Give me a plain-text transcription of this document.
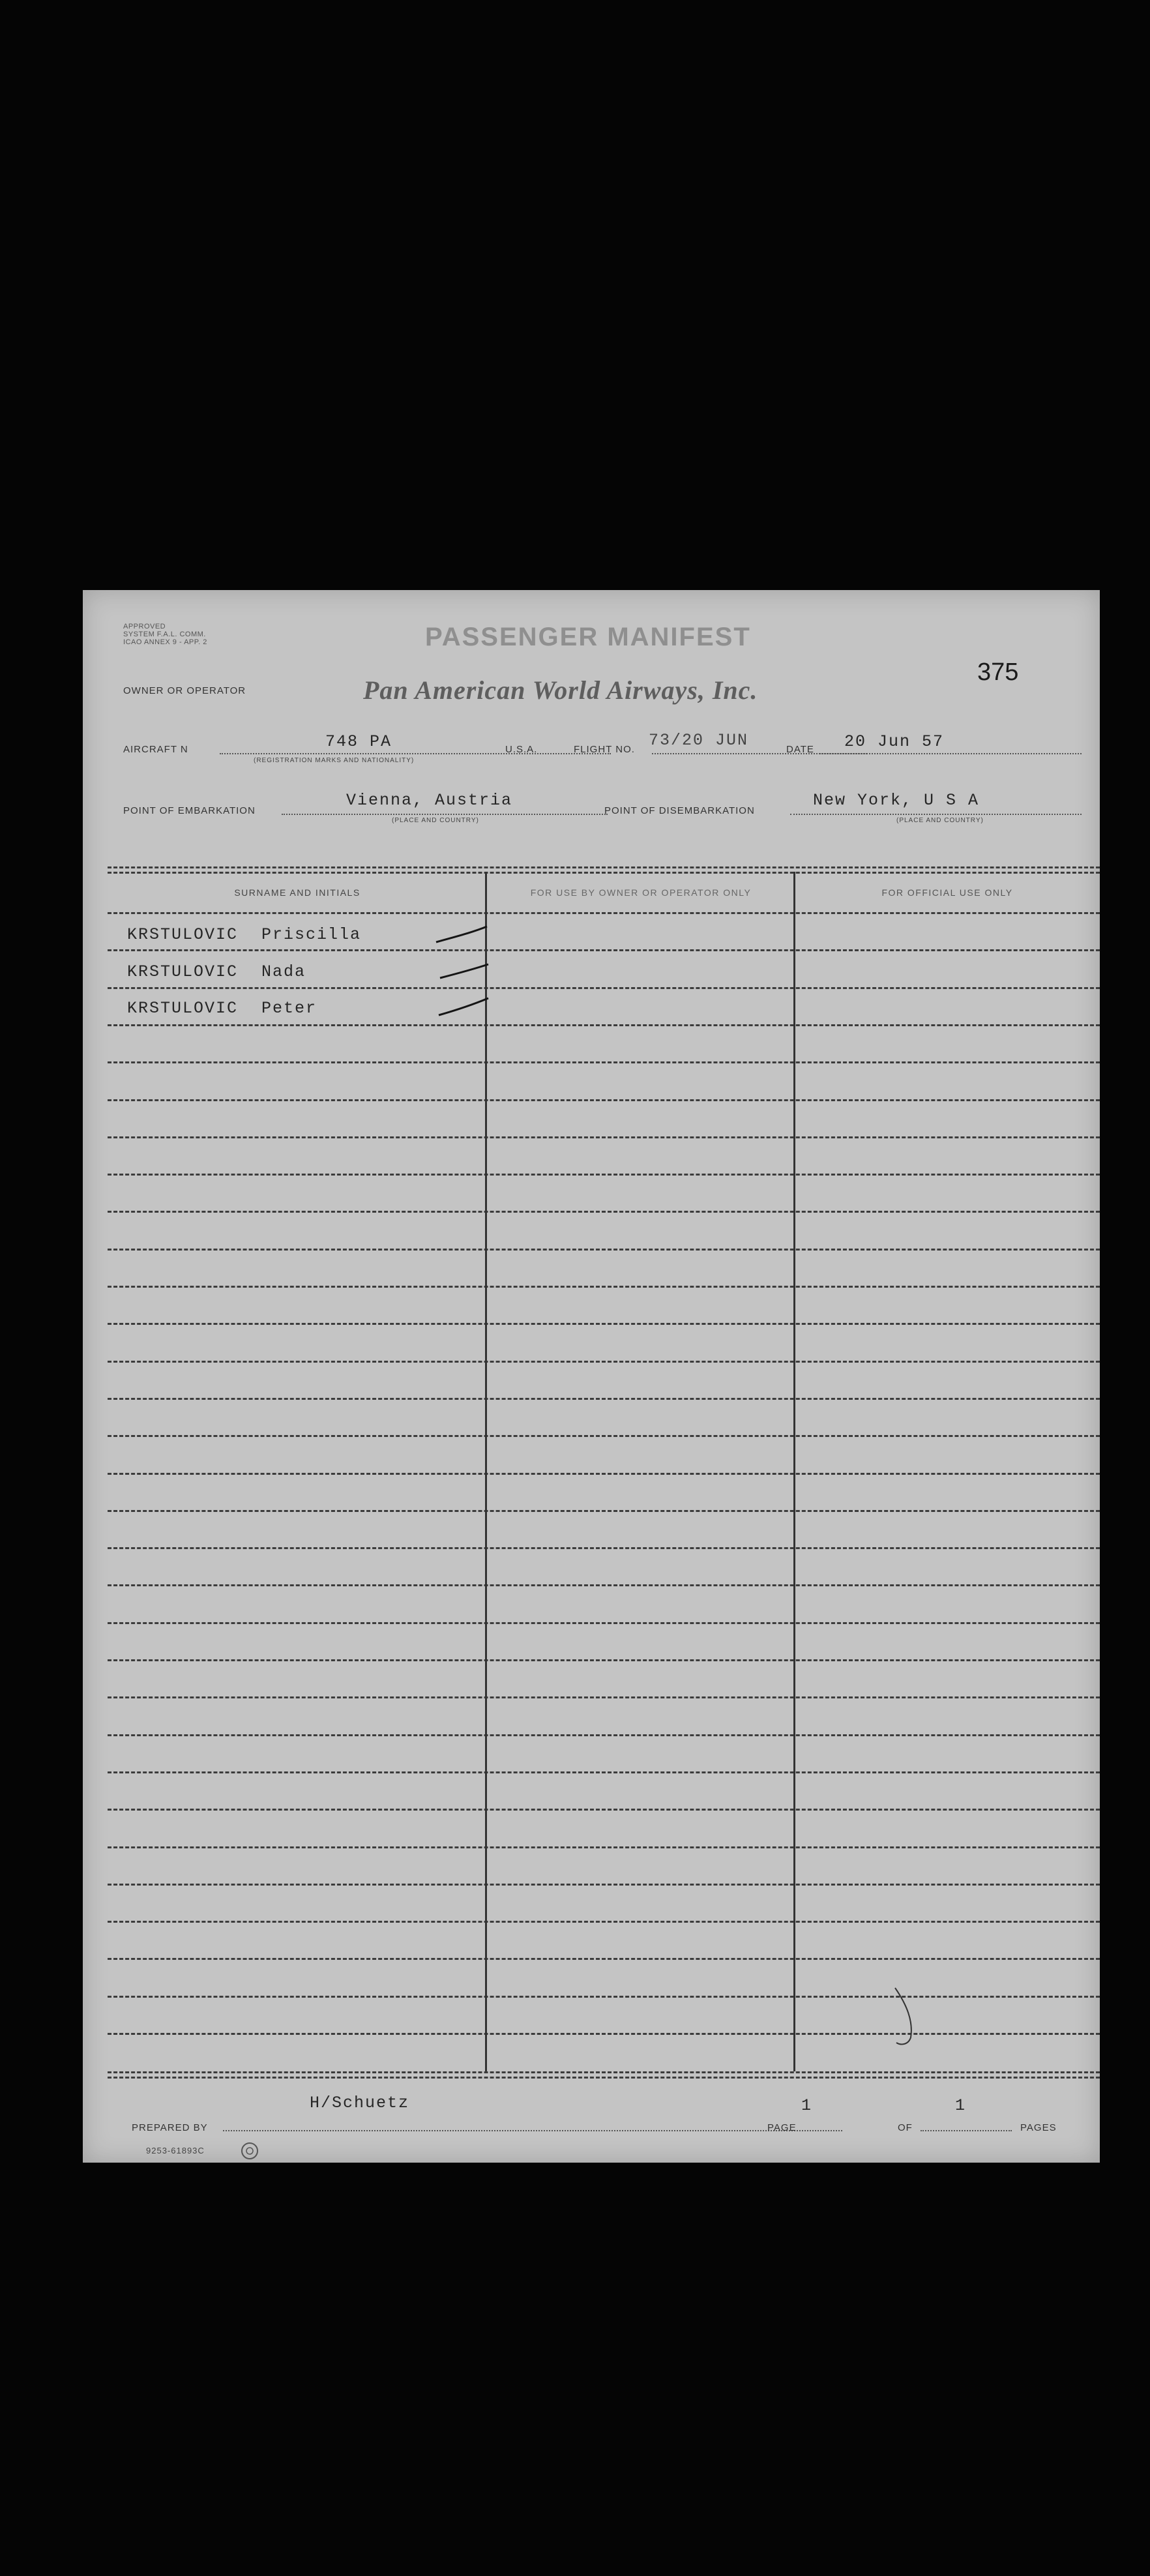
APPROVED
SYSTEM F.A.L. COMM.
ICAO ANNEX 9 - APP. 2	PASSENGER MANIFEST
375
OWNER OR OPERATOR	Pan American World Airways, Inc.
AIRCRAFT N	748 PA
(REGISTRATION MARKS AND NATIONALITY)
U.S.A.	FLIGHT NO. 73/20 JUN	DATE 20 Jun 57
POINT OF EMBARKATION
Vienna, Austria
(PLACE AND COUNTRY)
POINT OF DISEMBARKATION
New York, U S A
(PLACE AND COUNTRY)
SURNAME AND INITIALS	FOR USE BY OWNER OR OPERATOR ONLY	FOR OFFICIAL USE ONLY
KRSTULOVIC Priscilla
KRSTULOVIC Nada
KRSTULOVIC Peter
H/Schuetz
PREPARED BY	PAGE
1
OF
1
PAGES
9253-61893C
